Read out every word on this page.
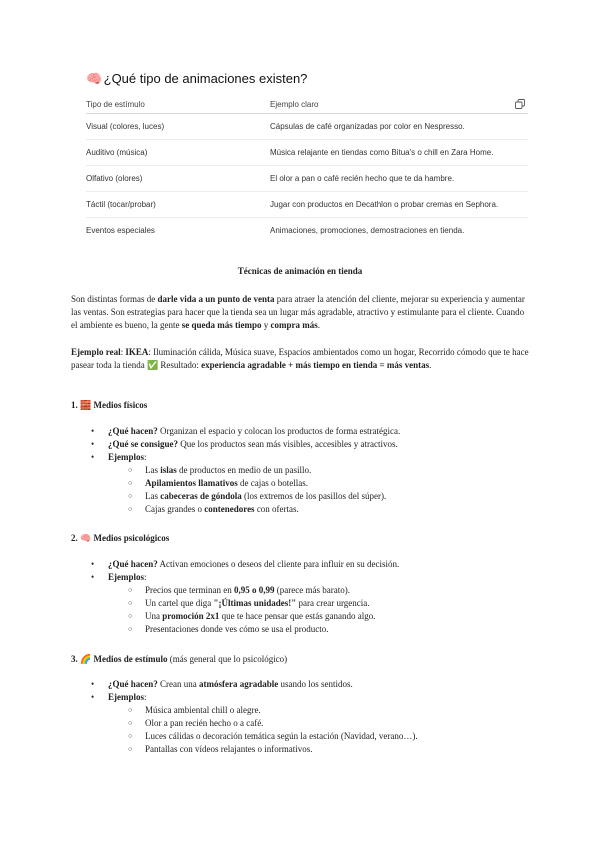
🧠 ¿Qué tipo de animaciones existen?
Tipo de estímulo	Ejemplo claro
Visual (colores, luces)	Cápsulas de café organizadas por color en Nespresso.
Auditivo (música)	Música relajante en tiendas como Bitua's o chill en Zara Home.
Olfativo (olores)	El olor a pan o café recién hecho que te da hambre.
Táctil (tocar/probar)	Jugar con productos en Decathlon o probar cremas en Sephora.
Eventos especiales	Animaciones, promociones, demostraciones en tienda.
Técnicas de animación en tienda
Son distintas formas de darle vida a un punto de venta para atraer la atención del cliente, mejorar su experiencia y aumentar las ventas. Son estrategias para hacer que la tienda sea un lugar más agradable, atractivo y estimulante para el cliente. Cuando el ambiente es bueno, la gente se queda más tiempo y compra más.
Ejemplo real: IKEA: Iluminación cálida, Música suave, Espacios ambientados como un hogar, Recorrido cómodo que te hace pasear toda la tienda ✅ Resultado: experiencia agradable + más tiempo en tienda = más ventas.
1. 🧱 Medios físicos
• ¿Qué hacen? Organizan el espacio y colocan los productos de forma estratégica.
• ¿Qué se consigue? Que los productos sean más visibles, accesibles y atractivos.
• Ejemplos:
○ Las islas de productos en medio de un pasillo.
○ Apilamientos llamativos de cajas o botellas.
○ Las cabeceras de góndola (los extremos de los pasillos del súper).
○ Cajas grandes o contenedores con ofertas.
2. 🧠 Medios psicológicos
• ¿Qué hacen? Activan emociones o deseos del cliente para influir en su decisión.
• Ejemplos:
○ Precios que terminan en 0,95 o 0,99 (parece más barato).
○ Un cartel que diga "¡Últimas unidades!" para crear urgencia.
○ Una promoción 2x1 que te hace pensar que estás ganando algo.
○ Presentaciones donde ves cómo se usa el producto.
3. 🌈 Medios de estímulo (más general que lo psicológico)
• ¿Qué hacen? Crean una atmósfera agradable usando los sentidos.
• Ejemplos:
○ Música ambiental chill o alegre.
○ Olor a pan recién hecho o a café.
○ Luces cálidas o decoración temática según la estación (Navidad, verano…).
○ Pantallas con vídeos relajantes o informativos.
